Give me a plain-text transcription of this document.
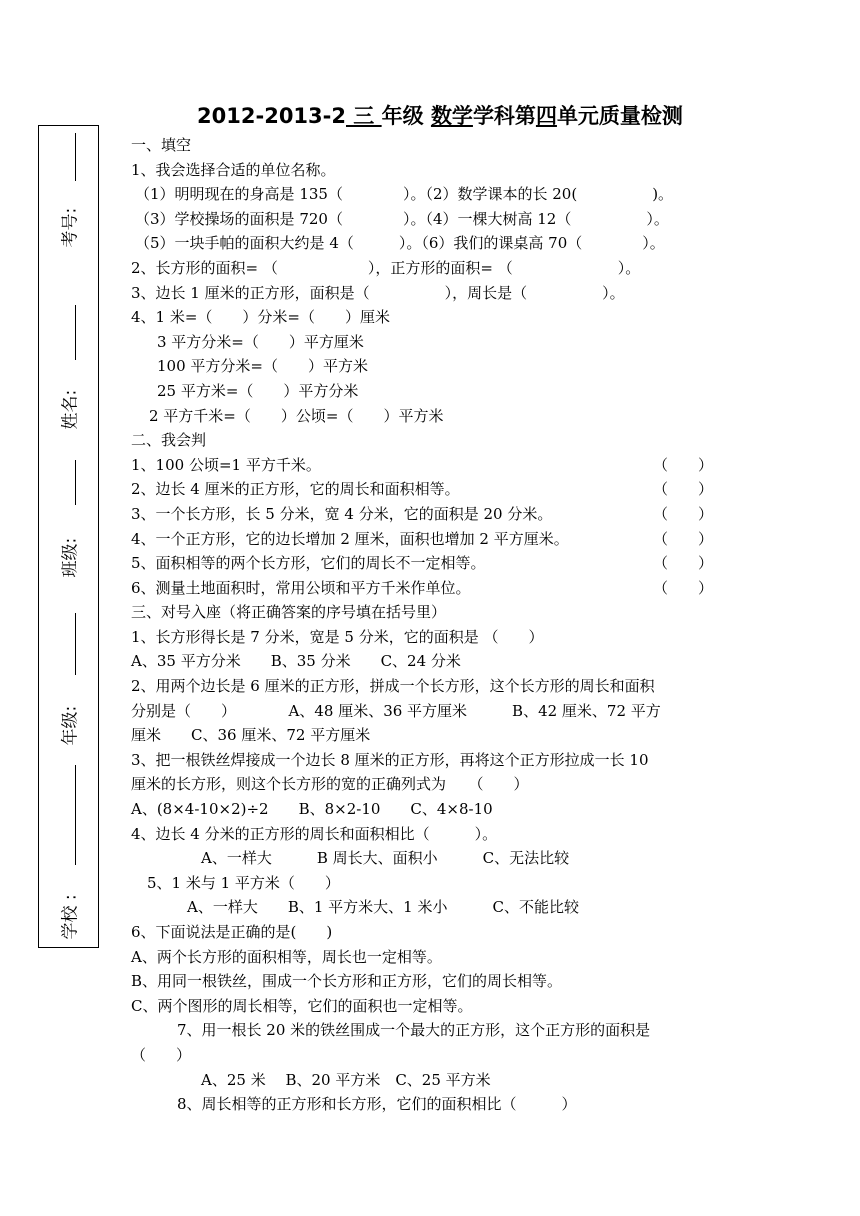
2012-2013-2 三 年级 数学学科第四单元质量检测
考号:
姓名:
班级:
年级:
学校 :
一、填空
1、我会选择合适的单位名称。
（1）明明现在的身高是 135（　　　　）。（2）数学课本的长 20(　　　　　)。
（3）学校操场的面积是 720（　　　　）。（4）一棵大树高 12（　　　　　）。
（5）一块手帕的面积大约是 4（　　　）。（6）我们的课桌高 70（　　　　）。
2、长方形的面积= （　　　　　　），正方形的面积= （　　　　　　　）。
3、边长 1 厘米的正方形，面积是（　　　　　），周长是（　　　　　）。
4、1 米=（　　）分米=（　　）厘米
3 平方分米=（　　）平方厘米
100 平方分米=（　　）平方米
25 平方米=（　　）平方分米
2 平方千米=（　　）公顷=（　　）平方米
二、我会判
1、100 公顷=1 平方千米。	（　　）
2、边长 4 厘米的正方形，它的周长和面积相等。	（　　）
3、一个长方形，长 5 分米，宽 4 分米，它的面积是 20 分米。	（　　）
4、一个正方形，它的边长增加 2 厘米，面积也增加 2 平方厘米。	（　　）
5、面积相等的两个长方形，它们的周长不一定相等。	（　　）
6、测量土地面积时，常用公顷和平方千米作单位。	（　　）
三、对号入座（将正确答案的序号填在括号里）
1、长方形得长是 7 分米，宽是 5 分米，它的面积是 （　　）
A、35 平方分米　　B、35 分米　　C、24 分米
2、用两个边长是 6 厘米的正方形，拼成一个长方形，这个长方形的周长和面积
分别是（　　）　　　　A、48 厘米、36 平方厘米　　　B、42 厘米、72 平方
厘米　　C、36 厘米、72 平方厘米
3、把一根铁丝焊接成一个边长 8 厘米的正方形，再将这个正方形拉成一长 10
厘米的长方形，则这个长方形的宽的正确列式为　　（　　）
A、(8×4-10×2)÷2　　B、8×2-10　　C、4×8-10
4、边长 4 分米的正方形的周长和面积相比（　　　）。
A、一样大　　　B 周长大、面积小　　　C、无法比较
5、1 米与 1 平方米（　　）
A、一样大　　B、1 平方米大、1 米小　　　C、不能比较
6、下面说法是正确的是(　　)
A、两个长方形的面积相等，周长也一定相等。
B、用同一根铁丝，围成一个长方形和正方形，它们的周长相等。
C、两个图形的周长相等，它们的面积也一定相等。
7、用一根长 20 米的铁丝围成一个最大的正方形，这个正方形的面积是
（　　）
A、25 米　 B、20 平方米　C、25 平方米
8、周长相等的正方形和长方形，它们的面积相比（　　　）
